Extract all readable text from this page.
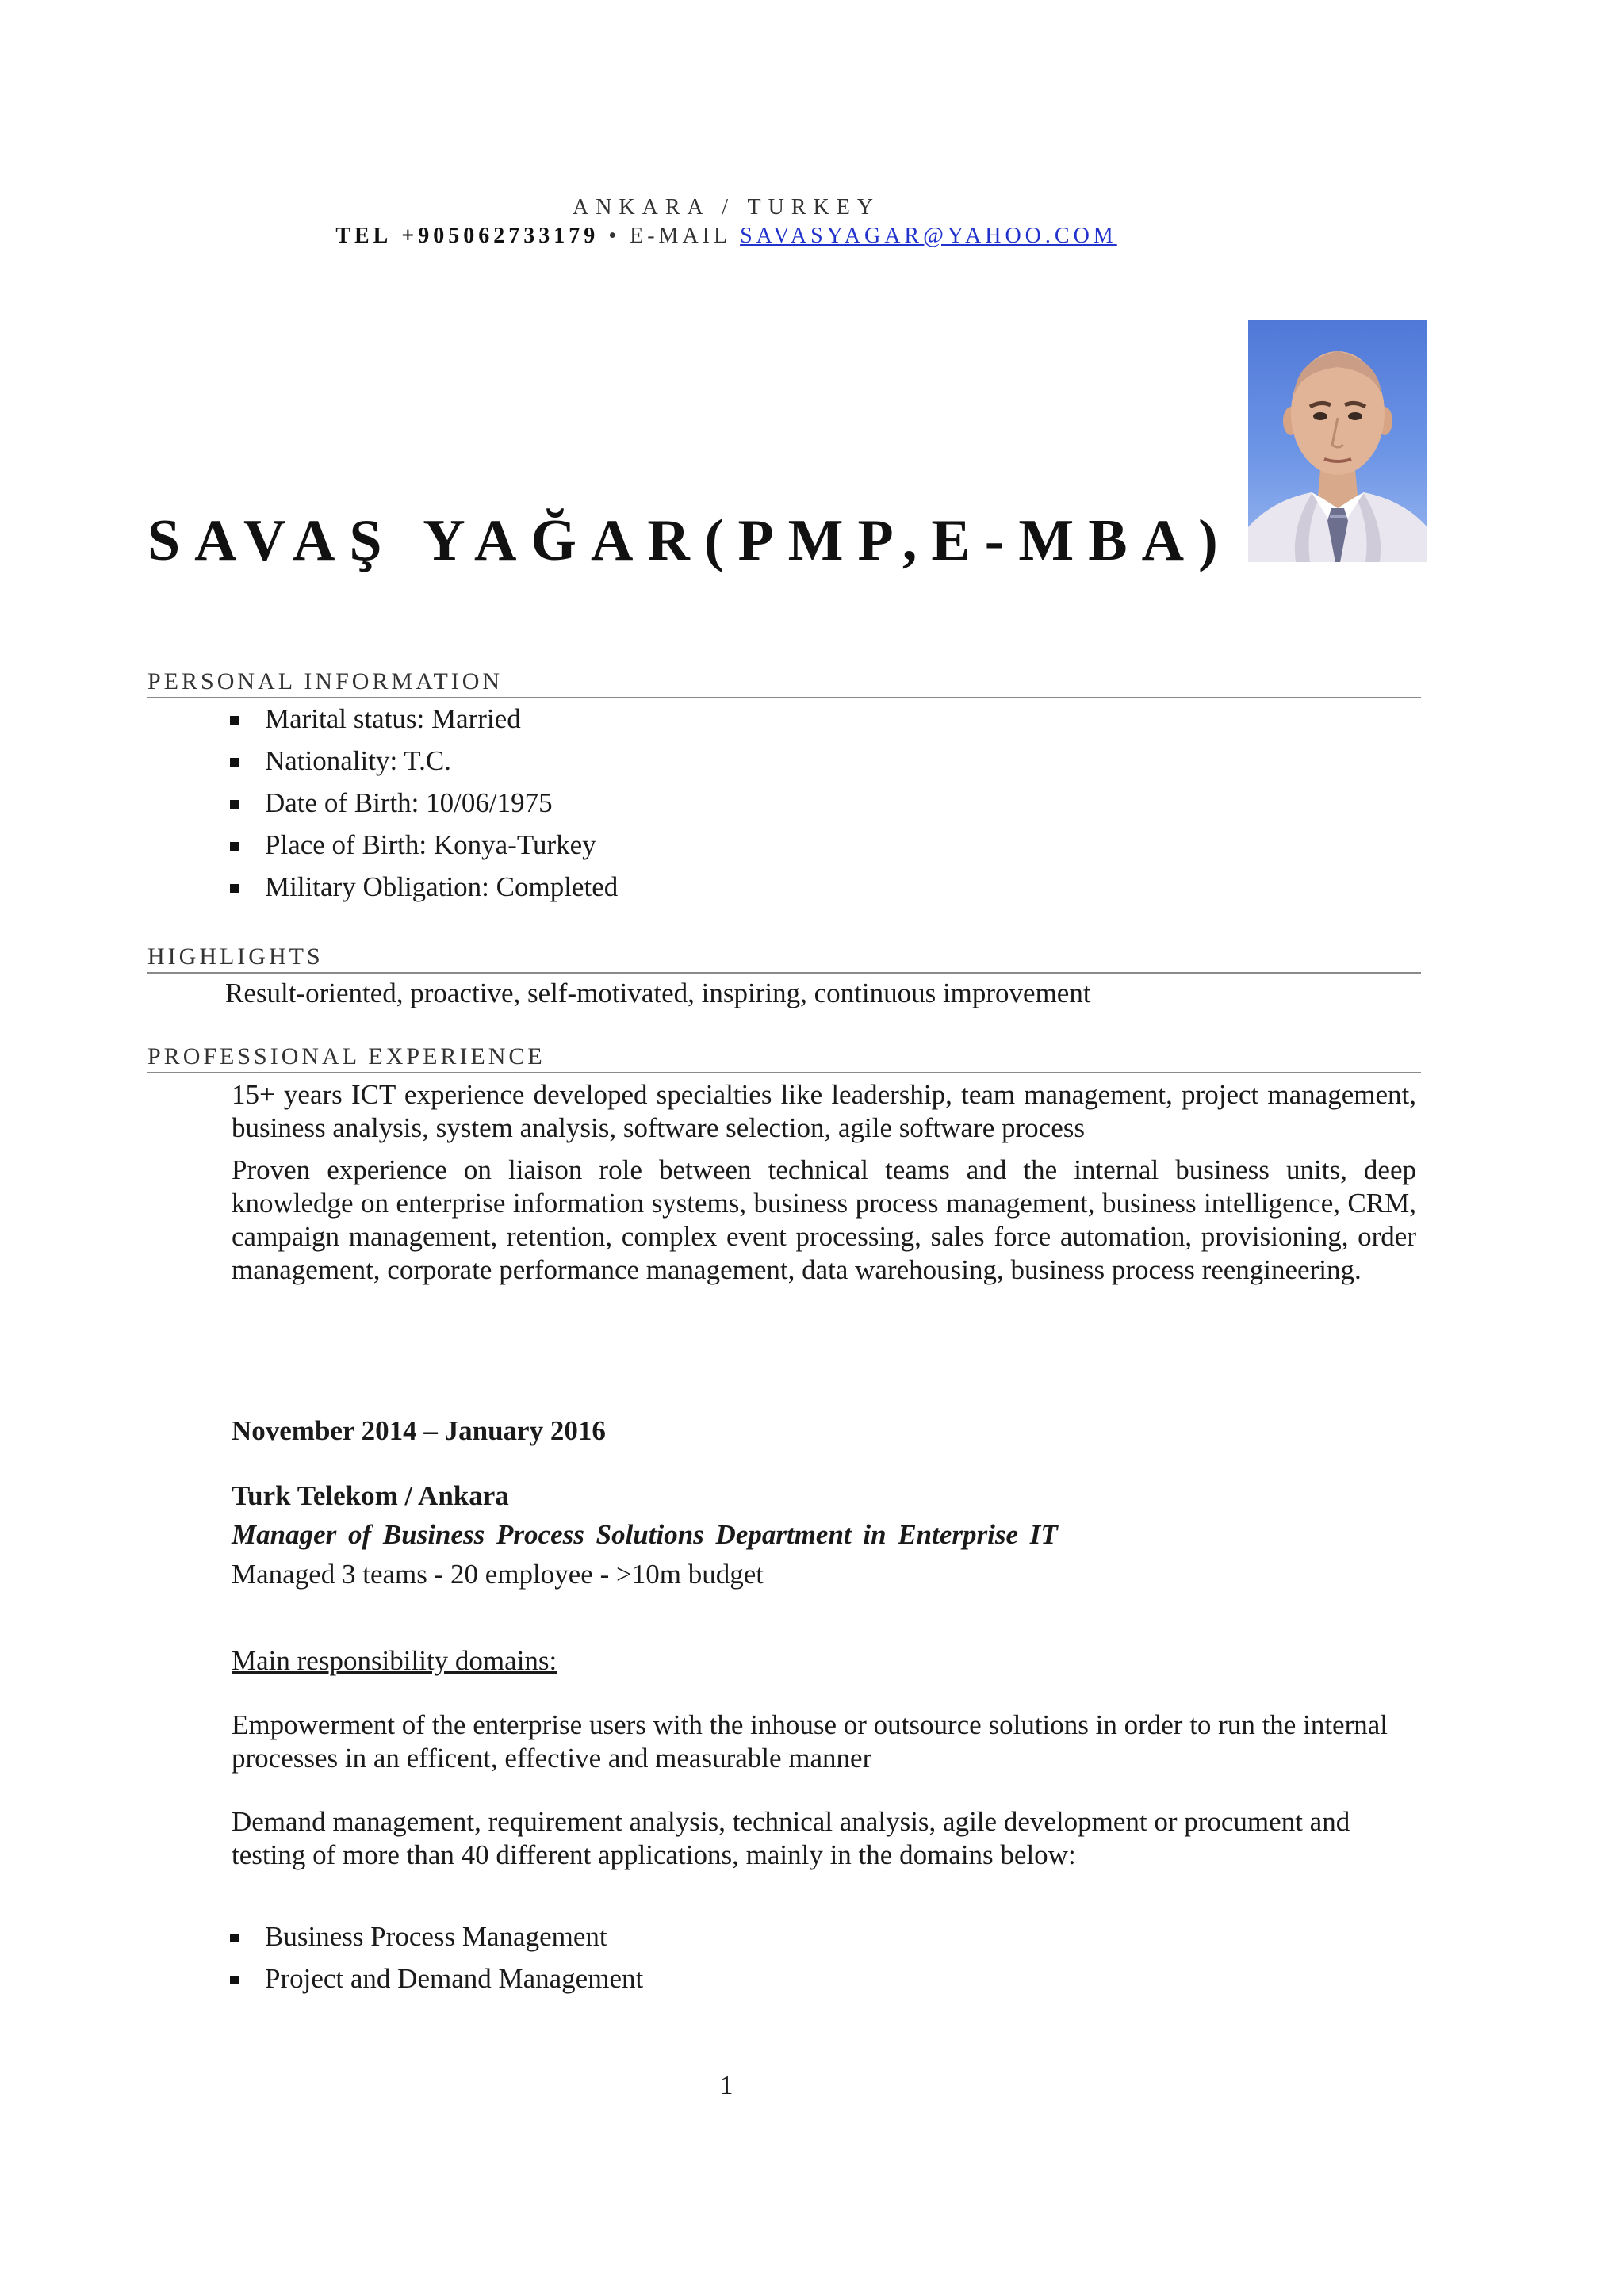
ANKARA / TURKEY
TEL +905062733179 • E-MAIL SAVASYAGAR@YAHOO.COM
SAVAŞ YAĞAR(PMP,E-MBA)
PERSONAL INFORMATION
Marital status: Married
Nationality: T.C.
Date of Birth: 10/06/1975
Place of Birth: Konya-Turkey
Military Obligation: Completed
HIGHLIGHTS
Result-oriented, proactive, self-motivated, inspiring, continuous improvement
PROFESSIONAL EXPERIENCE
15+ years ICT experience developed specialties like leadership, team management, project management, business analysis, system analysis, software selection, agile software process
Proven experience on liaison role between technical teams and the internal business units, deep knowledge on enterprise information systems, business process management, business intelligence, CRM, campaign management, retention, complex event processing, sales force automation, provisioning, order management, corporate performance management, data warehousing, business process reengineering.
November 2014 – January 2016
Turk Telekom / Ankara
Manager of Business Process Solutions Department in Enterprise IT
Managed 3 teams - 20 employee - >10m budget
Main responsibility domains:
Empowerment of the enterprise users with the inhouse or outsource solutions in order to run the internal processes in an efficent, effective and measurable manner
Demand management, requirement analysis, technical analysis, agile development or procument and testing of more than 40 different applications, mainly in the domains below:
Business Process Management
Project and Demand Management
1
